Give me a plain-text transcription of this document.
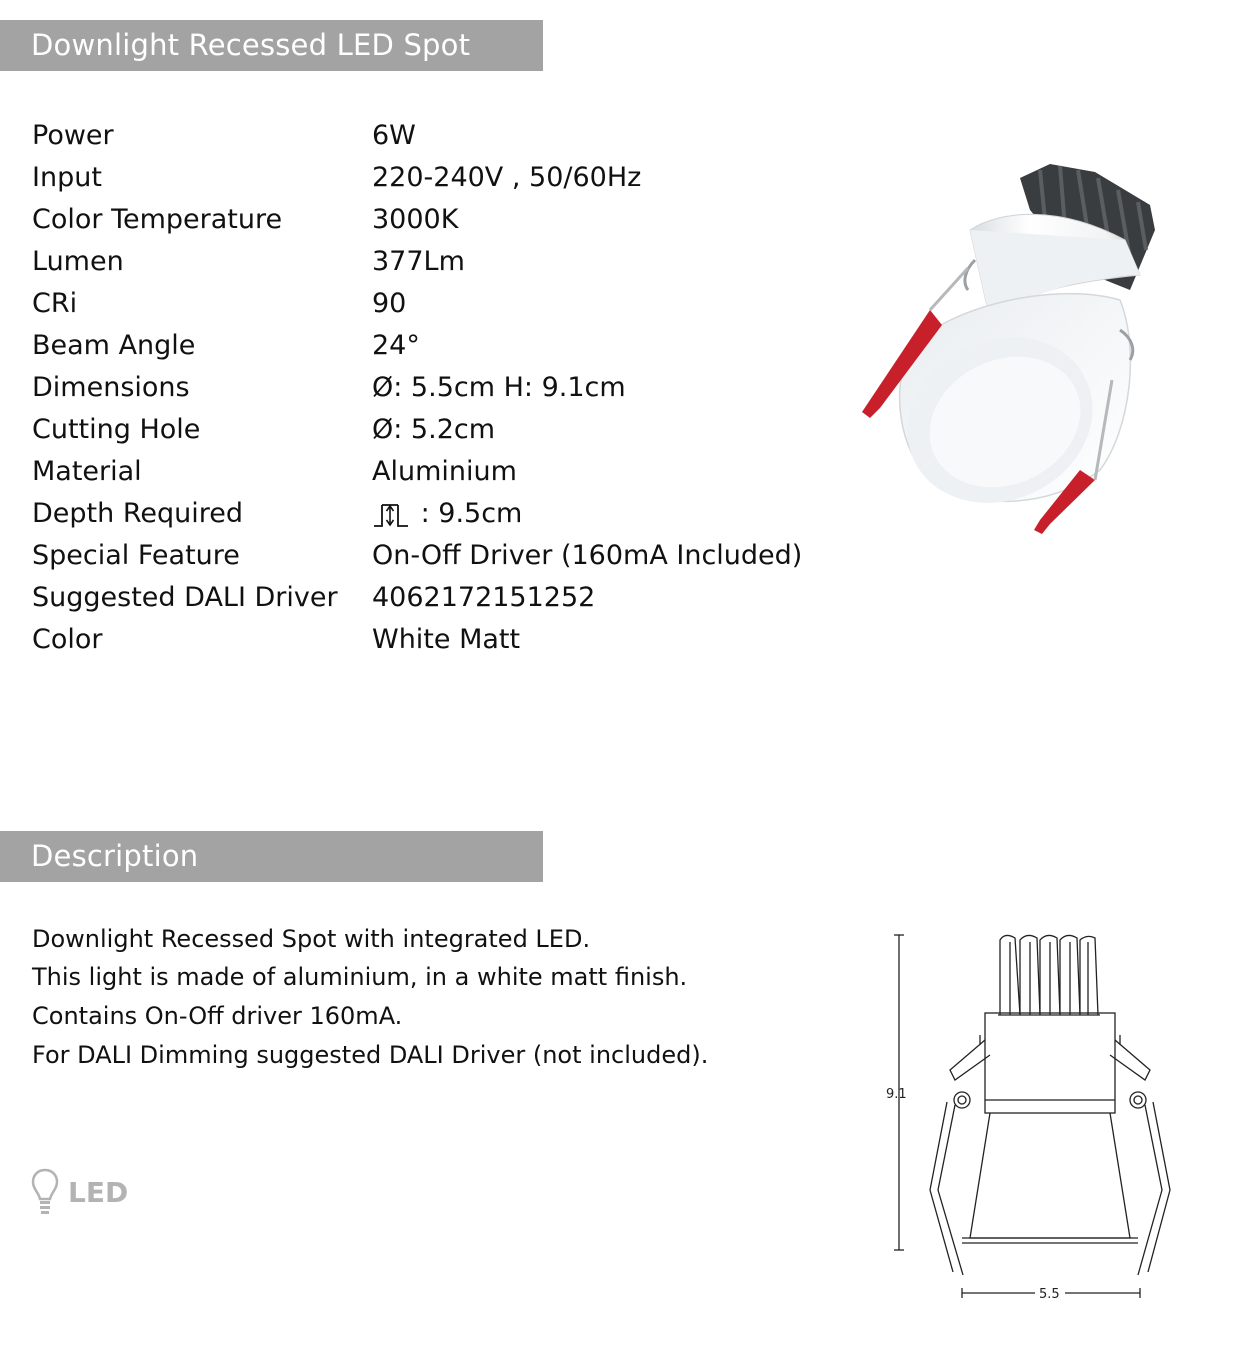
Downlight Recessed LED Spot
Power	6W
Input	220-240V , 50/60Hz
Color Temperature	3000K
Lumen	377Lm
CRi	90
Beam Angle	24°
Dimensions	Ø: 5.5cm H: 9.1cm
Cutting Hole	Ø: 5.2cm
Material	Aluminium
Depth Required	: 9.5cm
Special Feature	On-Off Driver (160mA Included)
Suggested DALI Driver 4062172151252
Color	White Matt
Description
Downlight Recessed Spot with integrated LED.
This light is made of aluminium, in a white matt finish.
Contains On-Off driver 160mA.
For DALI Dimming suggested DALI Driver (not included).
LED
9.1
5.5
